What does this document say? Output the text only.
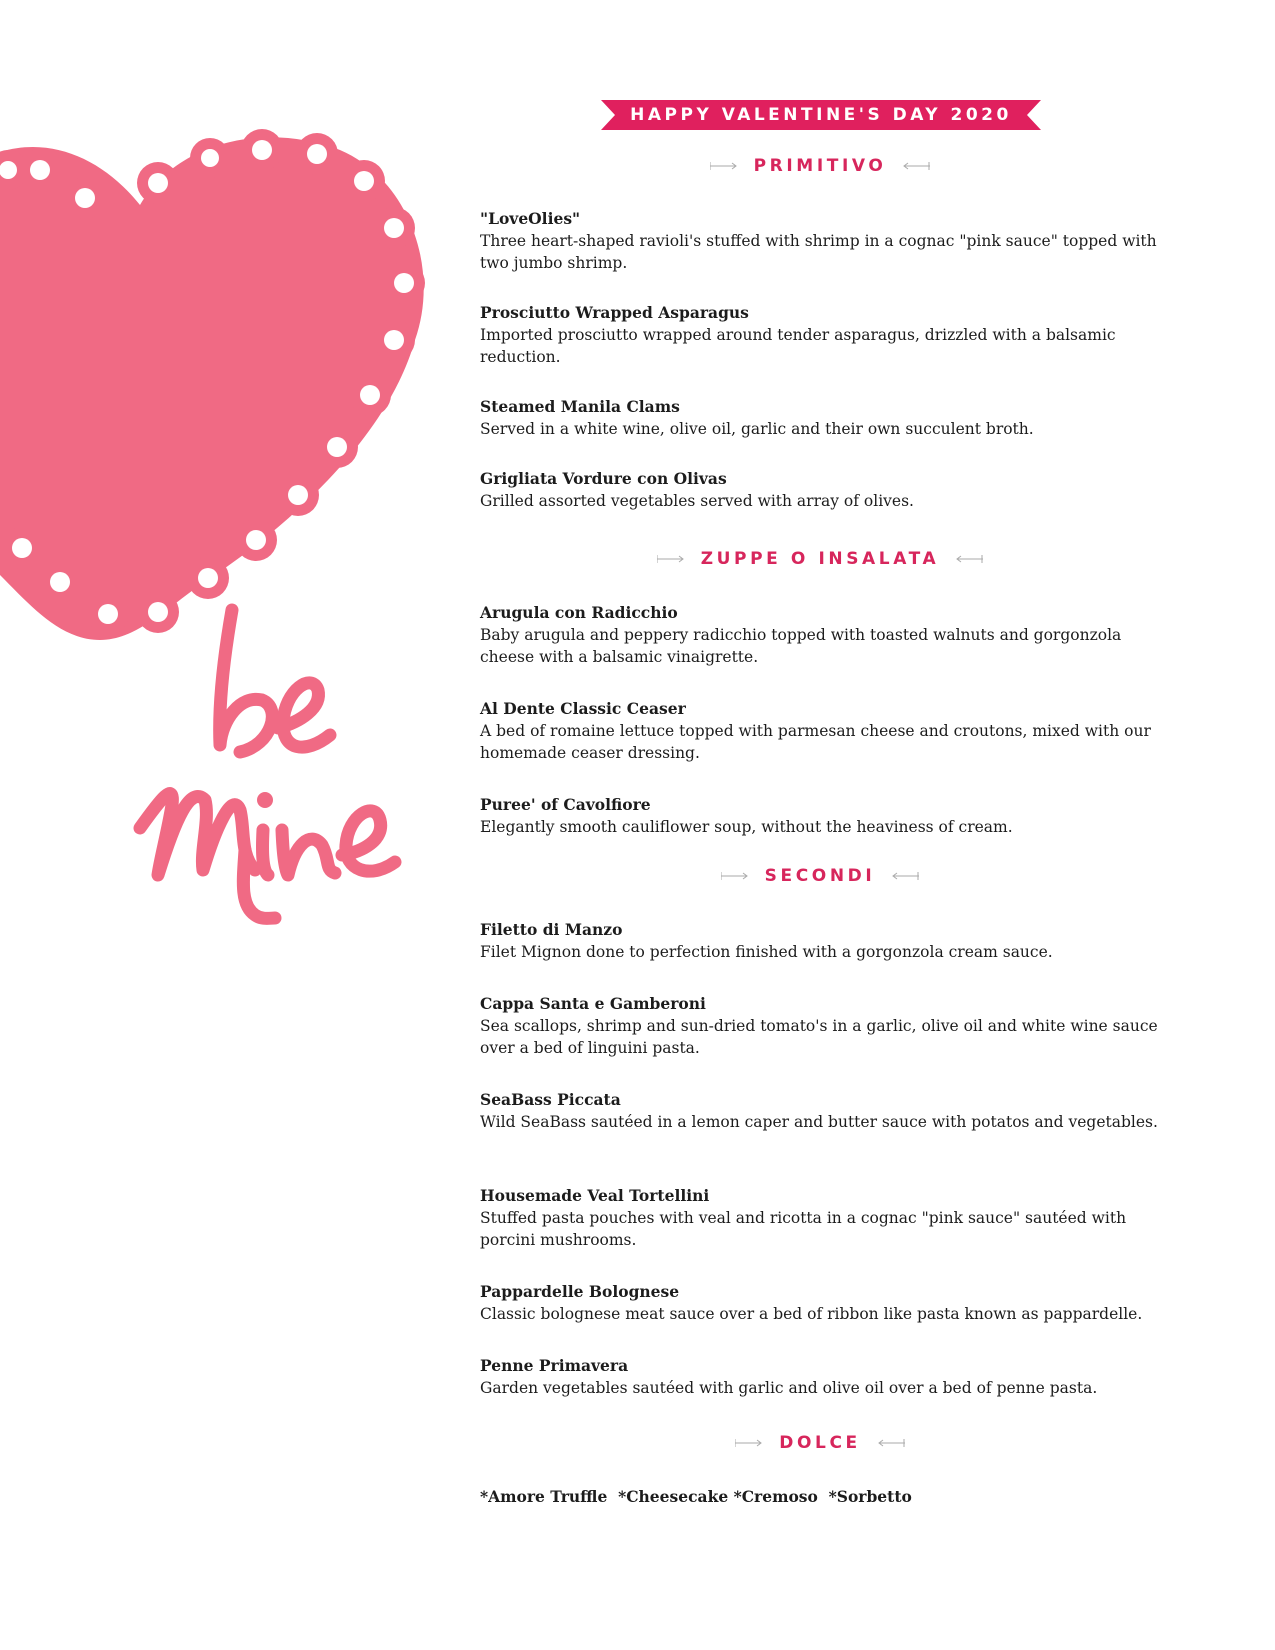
HAPPY VALENTINE'S DAY 2020
PRIMITIVO
"LoveOlies"
Three heart-shaped ravioli's stuffed with shrimp in a cognac "pink sauce" topped with two jumbo shrimp.
Prosciutto Wrapped Asparagus
Imported prosciutto wrapped around tender asparagus, drizzled with a balsamic reduction.
Steamed Manila Clams
Served in a white wine, olive oil, garlic and their own succulent broth.
Grigliata Vordure con Olivas
Grilled assorted vegetables served with array of olives.
ZUPPE O INSALATA
Arugula con Radicchio
Baby arugula and peppery radicchio topped with toasted walnuts and gorgonzola cheese with a balsamic vinaigrette.
Al Dente Classic Ceaser
A bed of romaine lettuce topped with parmesan cheese and croutons, mixed with our homemade ceaser dressing.
Puree' of Cavolfiore
Elegantly smooth cauliflower soup, without the heaviness of cream.
SECONDI
Filetto di Manzo
Filet Mignon done to perfection finished with a gorgonzola cream sauce.
Cappa Santa e Gamberoni
Sea scallops, shrimp and sun-dried tomato's in a garlic, olive oil and white wine sauce over a bed of linguini pasta.
SeaBass Piccata
Wild SeaBass sautéed in a lemon caper and butter sauce with potatos and vegetables.
Housemade Veal Tortellini
Stuffed pasta pouches with veal and ricotta in a cognac "pink sauce" sautéed with porcini mushrooms.
Pappardelle Bolognese
Classic bolognese meat sauce over a bed of ribbon like pasta known as pappardelle.
Penne Primavera
Garden vegetables sautéed with garlic and olive oil over a bed of penne pasta.
DOLCE
*Amore Truffle  *Cheesecake *Cremoso  *Sorbetto
